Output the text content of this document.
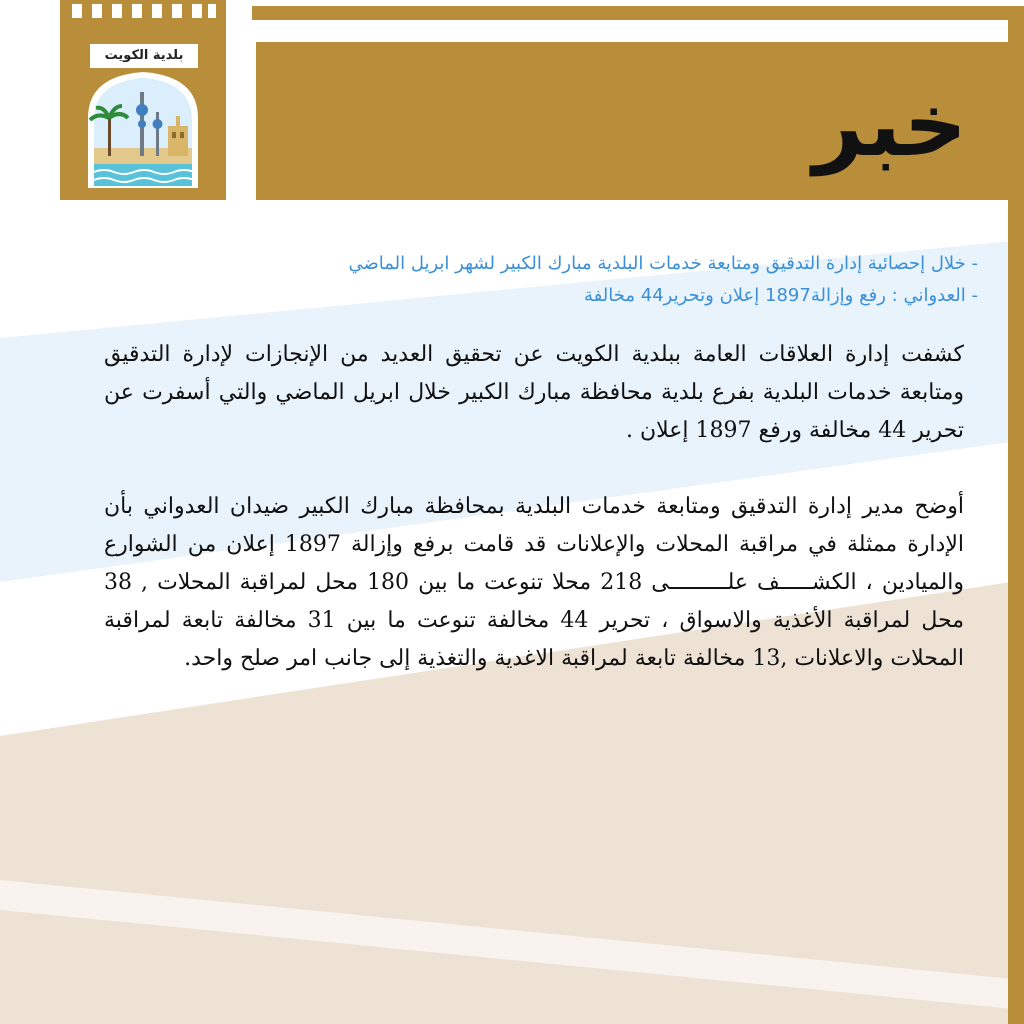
بلدية الكويت
خبر
- خلال إحصائية إدارة التدقيق ومتابعة خدمات البلدية مبارك الكبير لشهر ابريل الماضي
- العدواني : رفع وإزالة1897 إعلان وتحرير44 مخالفة

كشفت إدارة العلاقات العامة ببلدية الكويت عن تحقيق العديد من الإنجازات لإدارة التدقيق ومتابعة خدمات البلدية بفرع بلدية محافظة مبارك الكبير خلال ابريل الماضي والتي أسفرت عن تحرير 44 مخالفة ورفع 1897 إعلان .

أوضح مدير إدارة التدقيق ومتابعة خدمات البلدية بمحافظة مبارك الكبير ضيدان العدواني بأن الإدارة ممثلة في مراقبة المحلات والإعلانات قد قامت برفع وإزالة 1897 إعلان من الشوارع والميادين ، الكشـــــف علـــــــــى 218 محلا تنوعت ما بين 180 محل لمراقبة المحلات , 38 محل لمراقبة الأغذية والاسواق ، تحرير 44 مخالفة تنوعت ما بين 31 مخالفة تابعة لمراقبة المحلات والاعلانات ,13 مخالفة تابعة لمراقبة الاغدية والتغذية إلى جانب امر صلح واحد.
